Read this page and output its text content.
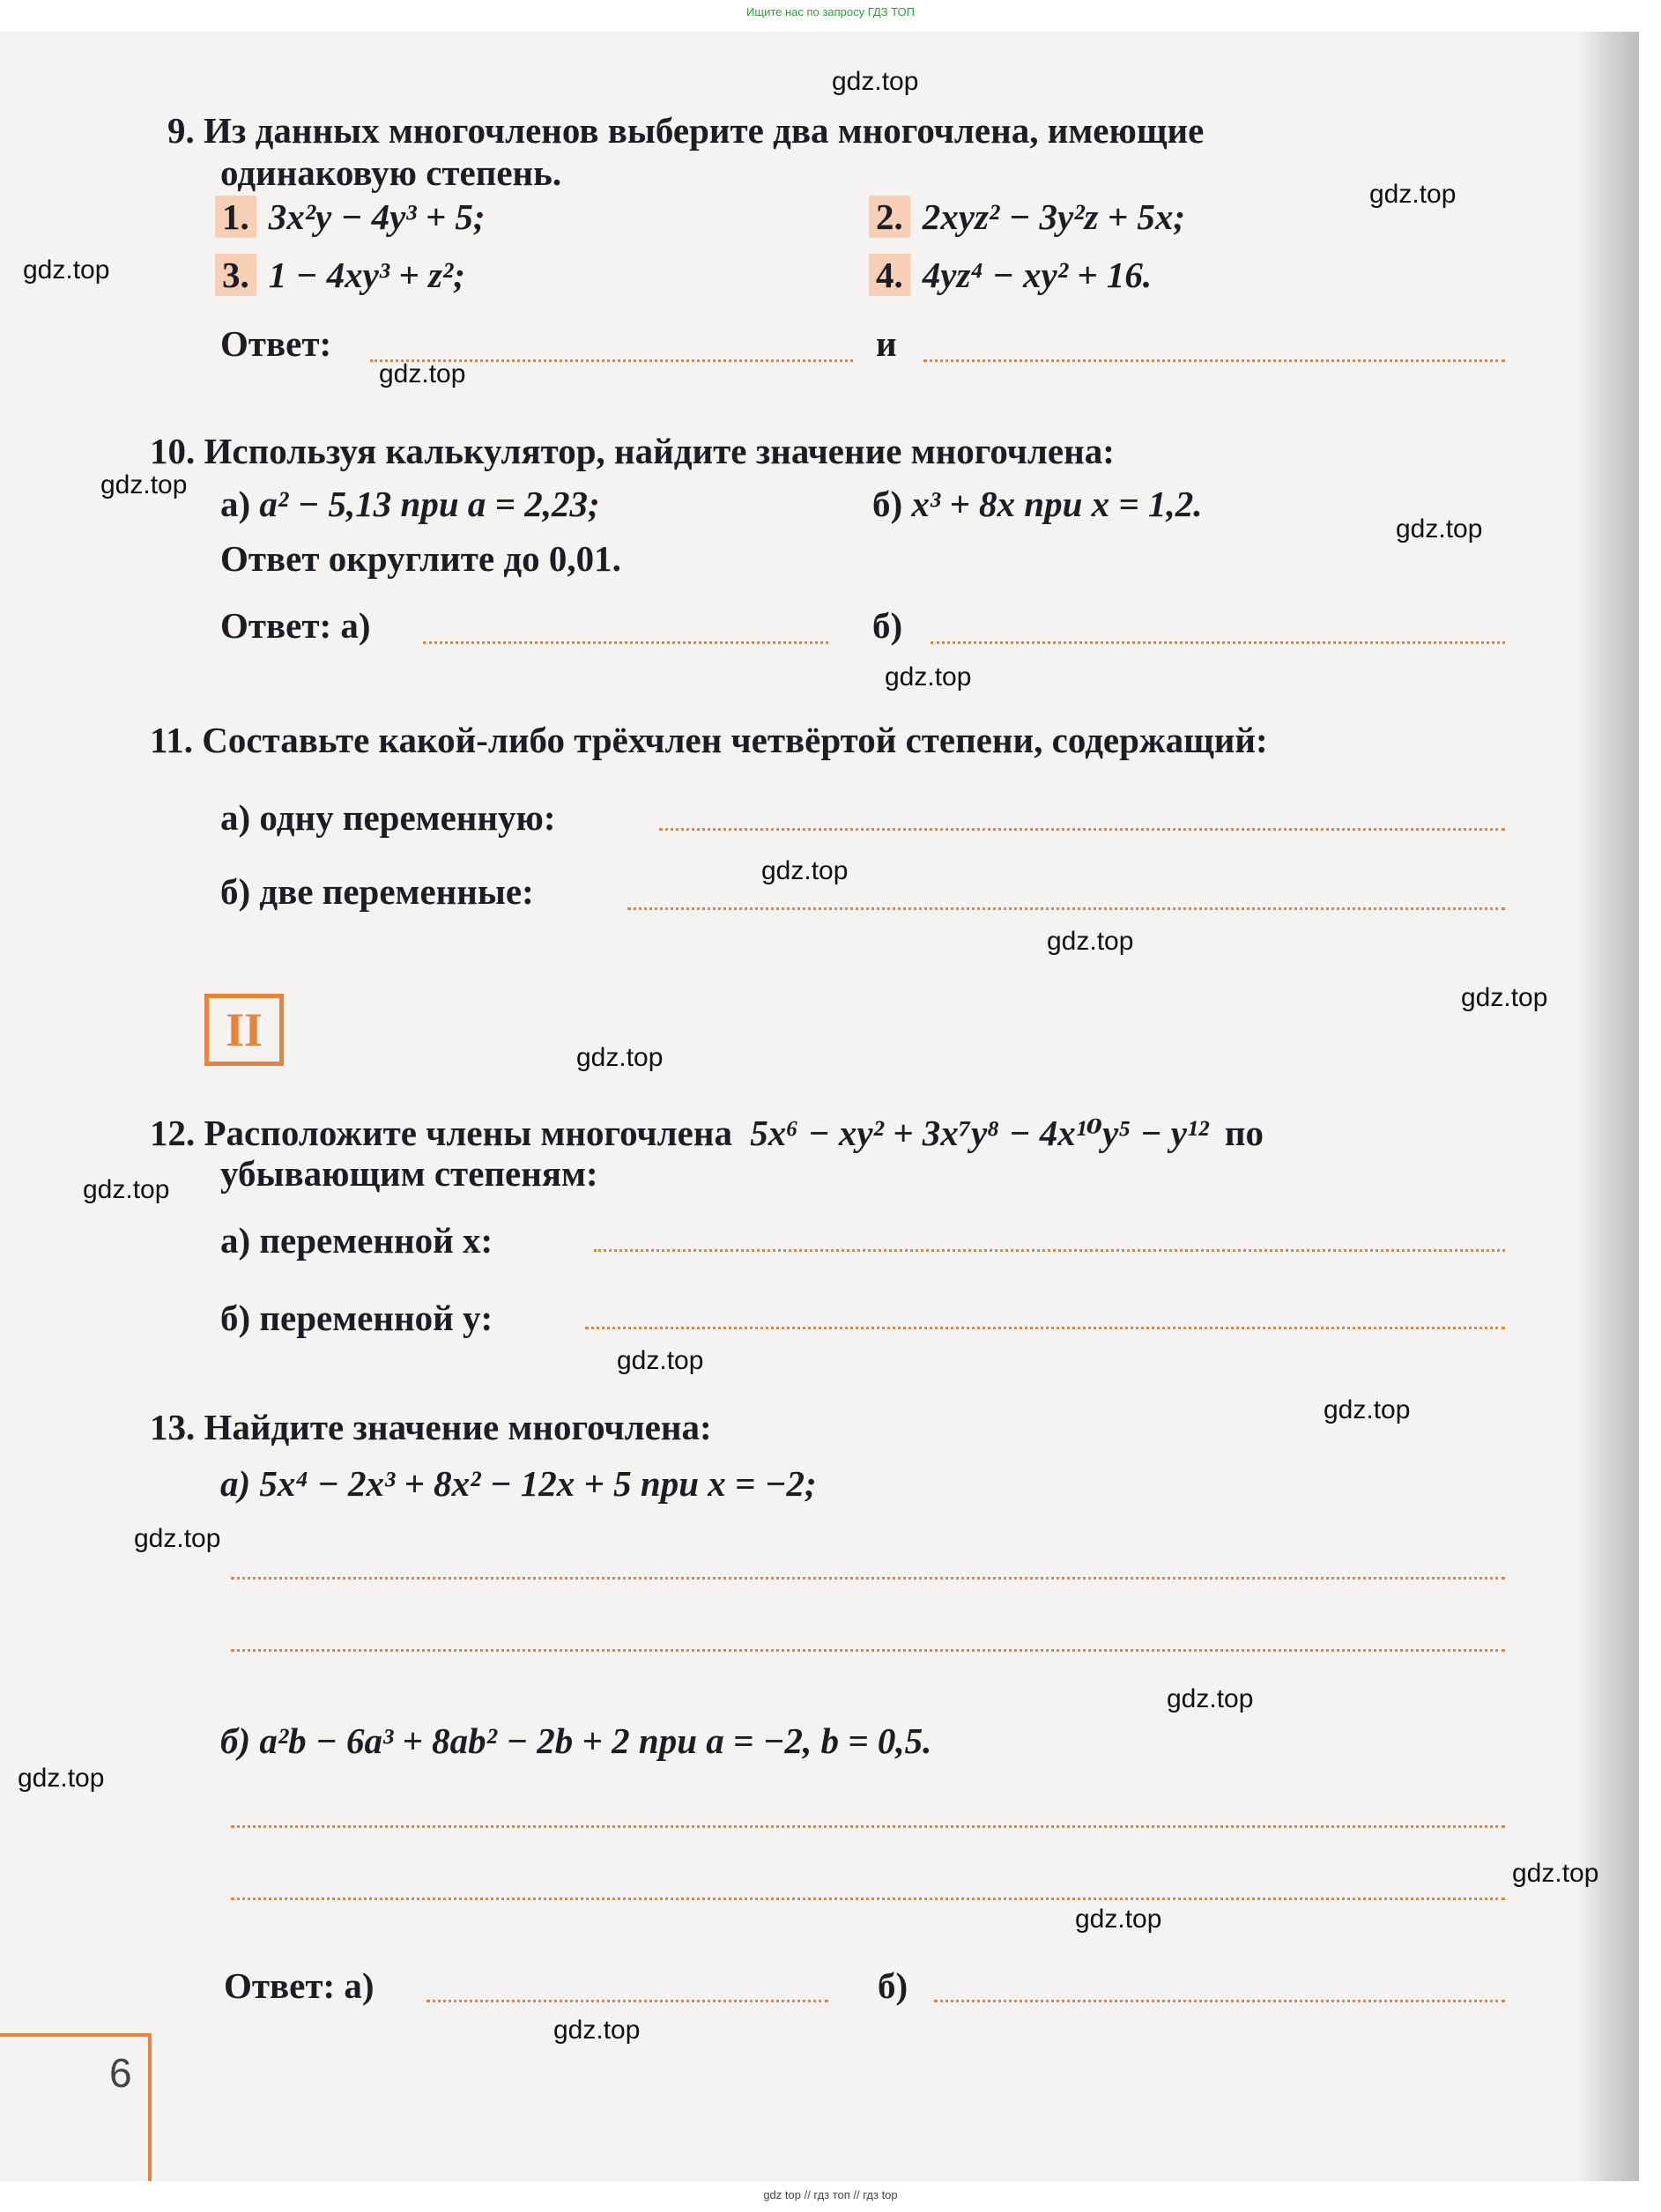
Ищите нас по запросу ГДЗ ТОП
9. Из данных многочленов выберите два многочлена, имеющие
одинаковую степень.
1. 3x²y − 4y³ + 5;	2. 2xyz² − 3y²z + 5x;
3. 1 − 4xy³ + z²;	4. 4yz⁴ − xy² + 16.
Ответ:	и
10. Используя калькулятор, найдите значение многочлена:
а) a² − 5,13 при a = 2,23;	б) x³ + 8x при x = 1,2.
Ответ округлите до 0,01.
Ответ: а)	б)
11. Составьте какой-либо трёхчлен четвёртой степени, содержащий:
а) одну переменную:
б) две переменные:
II
12. Расположите члены многочлена 5x⁶ − xy² + 3x⁷y⁸ − 4x¹⁰y⁵ − y¹² по
убывающим степеням:
а) переменной x:
б) переменной y:
13. Найдите значение многочлена:
а) 5x⁴ − 2x³ + 8x² − 12x + 5 при x = −2;
б) a²b − 6a³ + 8ab² − 2b + 2 при a = −2, b = 0,5.
Ответ: а)	б)
6
gdz.top
gdz.top
gdz.top
gdz.top
gdz.top
gdz.top
gdz.top
gdz.top
gdz.top
gdz.top
gdz.top
gdz.top
gdz.top
gdz.top
gdz.top
gdz.top
gdz.top
gdz.top
gdz.top
gdz.top
gdz top // гдз топ // гдз top
